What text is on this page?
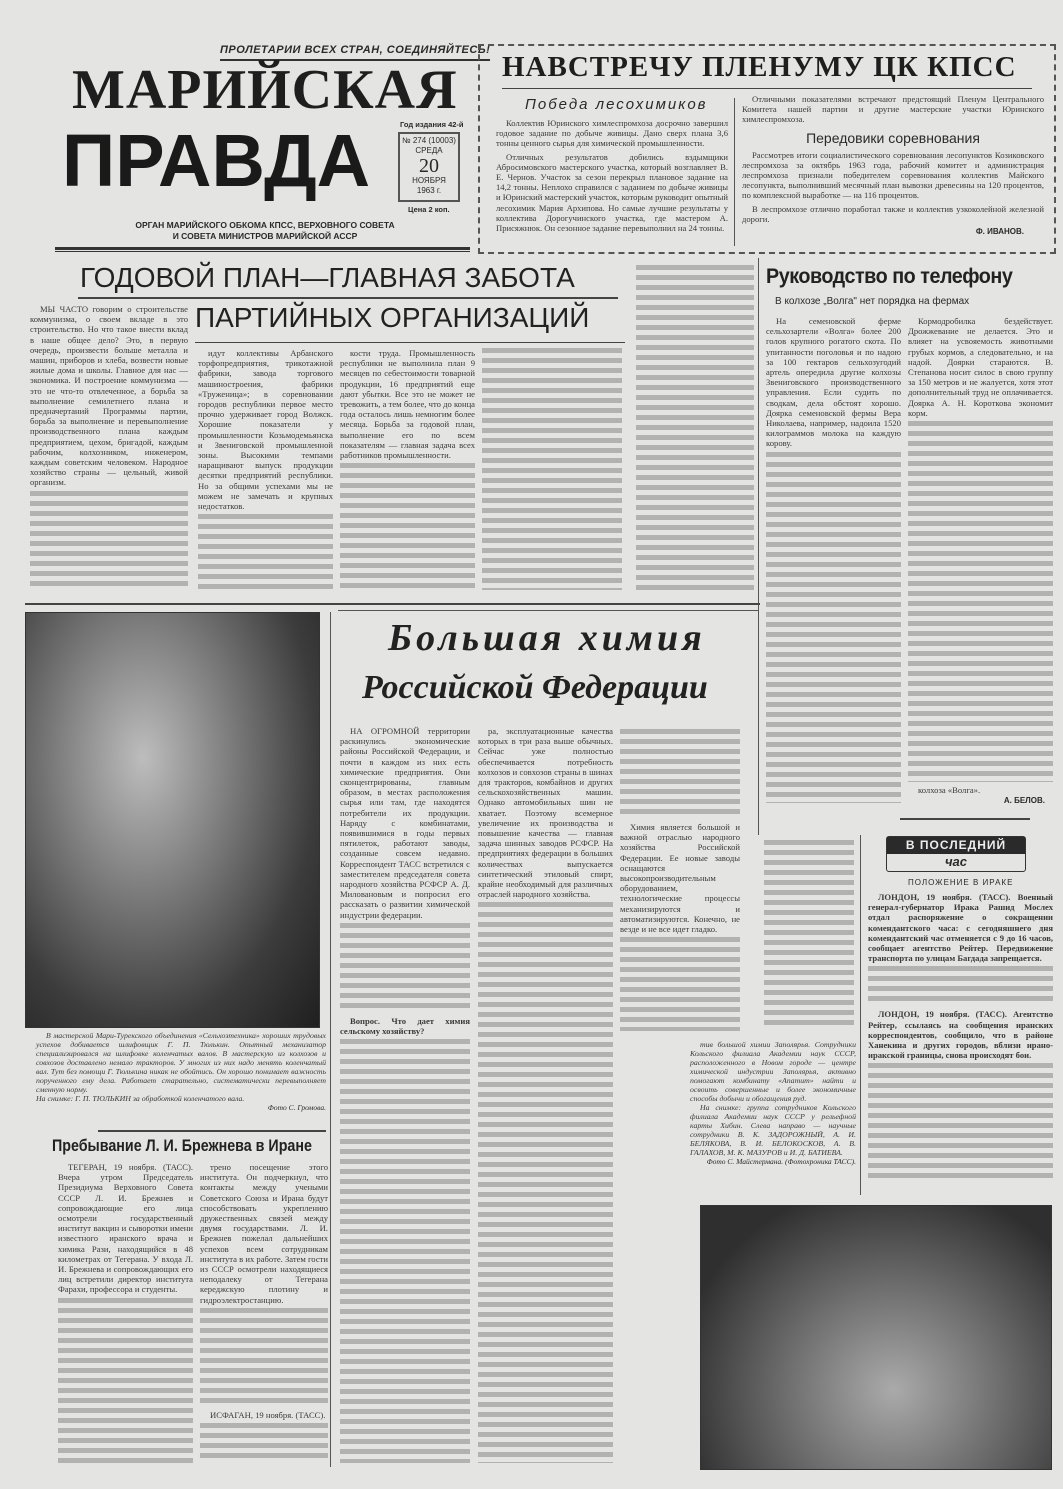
ПРОЛЕТАРИИ ВСЕХ СТРАН, СОЕДИНЯЙТЕСЬ!
МАРИЙСКАЯ
ПРАВДА	Год издания 42-й
№ 274 (10003)
СРЕДА
20
НОЯБРЯ
1963 г.
Цена 2 коп.
ОРГАН МАРИЙСКОГО ОБКОМА КПСС, ВЕРХОВНОГО СОВЕТА
И СОВЕТА МИНИСТРОВ МАРИЙСКОЙ АССР
НАВСТРЕЧУ ПЛЕНУМУ ЦК КПСС
Победа лесохимиков

Коллектив Юринского химлеспромхоза досрочно завершил годовое задание по добыче живицы. Дано сверх плана 3,6 тонны ценного сырья для химической промышленности.

Отличных результатов добились вздымщики Абросимовского мастерского участка, который возглавляет В. Е. Чернов. Участок за сезон перекрыл плановое задание на 14,2 тонны. Неплохо справился с заданием по добыче живицы и Юринский мастерский участок, которым руководит опытный лесохимик Мария Архипова. Но самые лучшие результаты у коллектива Дорогучинского участка, где мастером А. Присяжнюк. Он сезонное задание перевыполнил на 24 тонны.

Отличными показателями встречают предстоящий Пленум Центрального Комитета нашей партии и другие мастерские участки Юринского химлеспромхоза.

Передовики соревнования

Рассмотрев итоги социалистического соревнования лесопунктов Козиковского леспромхоза за октябрь 1963 года, рабочий комитет и администрация леспромхоза признали победителем соревнования коллектив Майского лесопункта, выполнивший месячный план вывозки древесины на 120 процентов, по комплексной выработке — на 116 процентов.

В леспромхозе отлично поработал также и коллектив узкоколейной железной дороги.

Ф. ИВАНОВ.
ГОДОВОЙ ПЛАН—ГЛАВНАЯ ЗАБОТА
ПАРТИЙНЫХ ОРГАНИЗАЦИЙ
МЫ ЧАСТО говорим о строительстве коммунизма, о своем вкладе в это строительство. Но что такое внести вклад в наше общее дело? Это, в первую очередь, произвести больше металла и машин, приборов и хлеба, возвести новые жилые дома и школы. Главное для нас — экономика. И построение коммунизма — это не что-то отвлеченное, а борьба за выполнение семилетнего плана и предначертаний Программы партии, борьба за выполнение и перевыполнение производственного плана каждым предприятием, цехом, бригадой, каждым рабочим, колхозником, инженером, каждым советским человеком. Народное хозяйство страны — цельный, живой организм.
идут коллективы Арбанского торфопредприятия, трикотажной фабрики, завода торгового машиностроения, фабрики «Труженица»; в соревновании городов республики первое место прочно удерживает город Волжск. Хорошие показатели у промышленности Козьмодемьянска и Звениговской промышленной зоны. Высокими темпами наращивают выпуск продукции десятки предприятий республики. Но за общими успехами мы не можем не замечать и крупных недостатков.
кости труда. Промышленность республики не выполнила план 9 месяцев по себестоимости товарной продукции, 16 предприятий еще дают убытки. Все это не может не тревожить, а тем более, что до конца года осталось лишь немногим более месяца. Борьба за годовой план, выполнение его по всем показателям — главная задача всех работников промышленности.
Руководство по телефону
В колхозе „Волга" нет порядка на фермах
На семеновской ферме сельхозартели «Волга» более 200 голов крупного рогатого скота. По упитанности поголовья и по надою за 100 гектаров сельхозугодий артель опередила другие колхозы Звениговского производственного управления. Если судить по сводкам, дела обстоят хорошо. Доярка семеновской фермы Вера Николаева, например, надоила 1520 килограммов молока на каждую корову.
Кормодробилка бездействует. Дрожжевание не делается. Это и влияет на усвояемость животными грубых кормов, а следовательно, и на надой. Доярки стараются. В. Степанова носит силос в свою группу за 150 метров и не жалуется, хотя этот дополнительный труд не оплачивается. Доярка А. Н. Короткова экономит корм.
колхоза «Волга».
А. БЕЛОВ.
В мастерской Мари-Турекского объединения «Сельхозтехника» хороших трудовых успехов добивается шлифовщик Г. П. Тюлькин. Опытный механизатор специализировался на шлифовке коленчатых валов. В мастерскую из колхозов и совхозов доставлено немало тракторов. У многих из них надо менять коленчатый вал. Тут без помощи Г. Тюлькина никак не обойтись. Он хорошо понимает важность порученного ему дела. Работает старательно, систематически перевыполняет сменную норму.
На снимке: Г. П. ТЮЛЬКИН за обработкой коленчатого вала.
Фото С. Громова.
Большая химия
Российской Федерации
НА ОГРОМНОЙ территории раскинулись экономические районы Российской Федерации, и почти в каждом из них есть химические предприятия. Они сконцентрированы, главным образом, в местах расположения сырья или там, где находятся потребители их продукции. Наряду с комбинатами, появившимися в годы первых пятилеток, работают заводы, созданные совсем недавно. Корреспондент ТАСС встретился с заместителем председателя совета народного хозяйства РСФСР А. Д. Миловановым и попросил его рассказать о развитии химической индустрии федерации.
Вопрос. Что дает химия сельскому хозяйству?
ра, эксплуатационные качества которых в три раза выше обычных. Сейчас уже полностью обеспечивается потребность колхозов и совхозов страны в шинах для тракторов, комбайнов и других сельскохозяйственных машин. Однако автомобильных шин не хватает. Поэтому всемерное увеличение их производства и повышение качества — главная задача шинных заводов РСФСР. На предприятиях федерации в больших количествах выпускается синтетический этиловый спирт, крайне необходимый для различных отраслей народного хозяйства.
Химия является большой и важной отраслью народного хозяйства Российской Федерации. Ее новые заводы оснащаются высокопроизводительным оборудованием, технологические процессы механизируются и автоматизируются. Конечно, не везде и не все идет гладко.
тив большой химии Заполярья. Сотрудники Кольского филиала Академии наук СССР, расположенного в Новом городе — центре химической индустрии Заполярья, активно помогают комбинату «Апатит» найти и освоить совершенные и более экономичные способы добычи и обогащения руд.
На снимке: группа сотрудников Кольского филиала Академии наук СССР у рельефной карты Хибин. Слева направо — научные сотрудники В. К. ЗАДОРОЖНЫЙ, А. И. БЕЛЯКОВА, В. И. БЕЛОКОСКОВ, А. В. ГАЛАХОВ, М. К. МАЗУРОВ и И. Д. БАТИЕВА.
Фото С. Майстермана. (Фотохроника ТАСС).
В ПОСЛЕДНИЙ
час
ПОЛОЖЕНИЕ В ИРАКЕ
ЛОНДОН, 19 ноября. (ТАСС). Военный генерал-губернатор Ирака Рашид Мослех отдал распоряжение о сокращении комендантского часа: с сегодняшнего дня комендантский час отменяется с 9 до 16 часов, сообщает агентство Рейтер. Передвижение транспорта по улицам Багдада запрещается.
ЛОНДОН, 19 ноября. (ТАСС). Агентство Рейтер, ссылаясь на сообщения иранских корреспондентов, сообщило, что в районе Ханекина и других городов, вблизи ирано-иракской границы, снова происходят бои.
Пребывание Л. И. Брежнева в Иране
ТЕГЕРАН, 19 ноября. (ТАСС). Вчера утром Председатель Президиума Верховного Совета СССР Л. И. Брежнев и сопровождающие его лица осмотрели государственный институт вакцин и сыворотки имени известного иранского врача и химика Рази, находящийся в 48 километрах от Тегерана. У входа Л. И. Брежнева и сопровождающих его лиц встретили директор института Фарахи, профессора и студенты.
трено посещение этого института. Он подчеркнул, что контакты между учеными Советского Союза и Ирана будут способствовать укреплению дружественных связей между двумя государствами. Л. И. Брежнев пожелал дальнейших успехов всем сотрудникам института в их работе. Затем гости из СССР осмотрели находящиеся неподалеку от Тегерана кереджскую плотину и гидроэлектростанцию.
ИСФАГАН, 19 ноября. (ТАСС).
